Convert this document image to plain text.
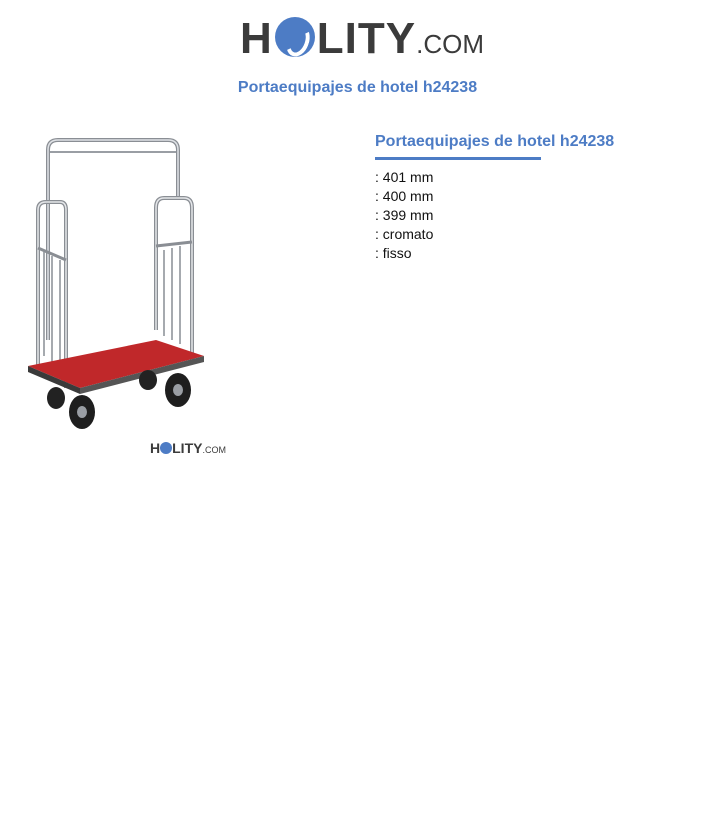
H LITY.COM
Portaequipajes de hotel h24238
H LITY.COM
Portaequipajes de hotel h24238
: 401 mm
: 400 mm
: 399 mm
: cromato
: fisso
